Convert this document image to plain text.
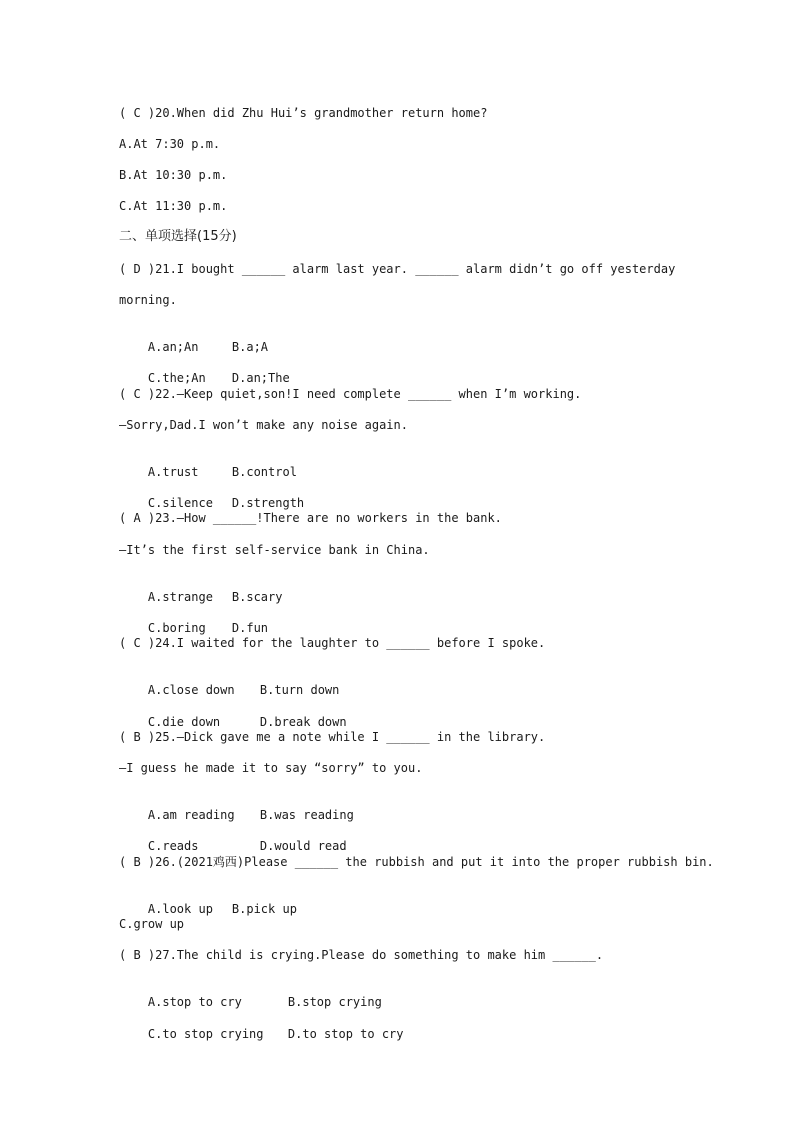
( C )20.When did Zhu Hui’s grandmother return home?
A.At 7:30 p.m.
B.At 10:30 p.m.
C.At 11:30 p.m.
二、单项选择(15分)
( D )21.I bought ______ alarm last year. ______ alarm didn’t go off yesterday
morning.

A.an;An	B.a;A

C.the;An D.an;The

( C )22.—Keep quiet,son!I need complete ______ when I’m working.
—Sorry,Dad.I won’t make any noise again.

A.trust	B.control

C.silence D.strength

( A )23.—How ______!There are no workers in the bank.
—It’s the first self-service bank in China.

A.strange B.scary

C.boring D.fun

( C )24.I waited for the laughter to ______ before I spoke.

A.close down B.turn down

C.die down	D.break down

( B )25.—Dick gave me a note while I ______ in the library.
—I guess he made it to say “sorry” to you.

A.am reading B.was reading

C.reads	D.would read

( B )26.(2021鸡西)Please ______ the rubbish and put it into the proper rubbish bin.

A.look up B.pick up

C.grow up
( B )27.The child is crying.Please do something to make him ______.

A.stop to cry	B.stop crying

C.to stop crying D.to stop to cry
